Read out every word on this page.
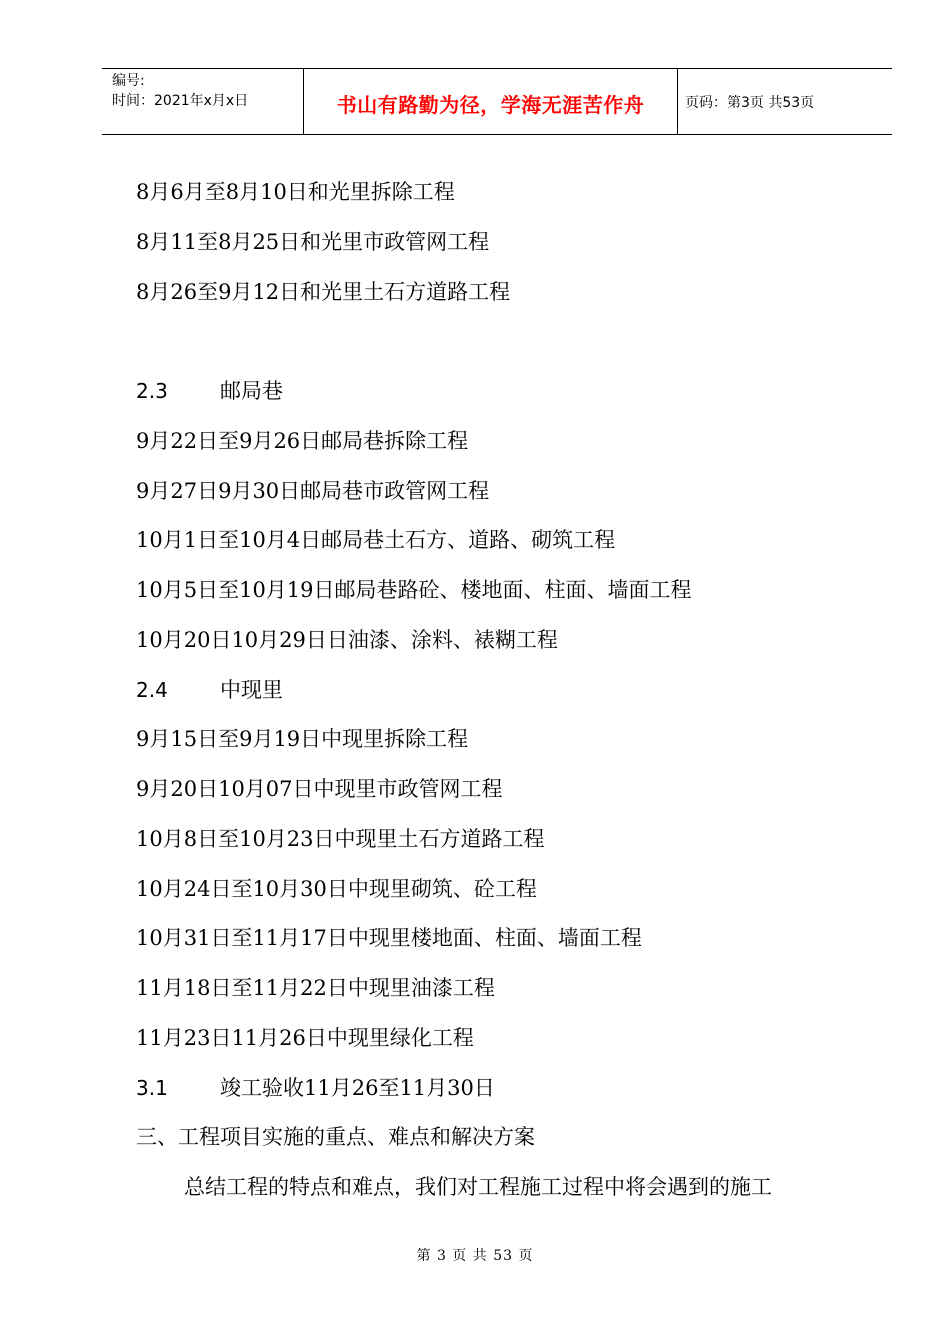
编号:
时间：2021年x月x日	书山有路勤为径，学海无涯苦作舟	页码：第3页 共53页
8月6月至8月10日和光里拆除工程
8月11至8月25日和光里市政管网工程
8月26至9月12日和光里土石方道路工程
2.3 邮局巷
9月22日至9月26日邮局巷拆除工程
9月27日9月30日邮局巷市政管网工程
10月1日至10月4日邮局巷土石方、道路、砌筑工程
10月5日至10月19日邮局巷路砼、楼地面、柱面、墙面工程
10月20日10月29日日油漆、涂料、裱糊工程
2.4 中现里
9月15日至9月19日中现里拆除工程
9月20日10月07日中现里市政管网工程
10月8日至10月23日中现里土石方道路工程
10月24日至10月30日中现里砌筑、砼工程
10月31日至11月17日中现里楼地面、柱面、墙面工程
11月18日至11月22日中现里油漆工程
11月23日11月26日中现里绿化工程
3.1 竣工验收11月26至11月30日
三、工程项目实施的重点、难点和解决方案
总结工程的特点和难点，我们对工程施工过程中将会遇到的施工
第 3 页 共 53 页
